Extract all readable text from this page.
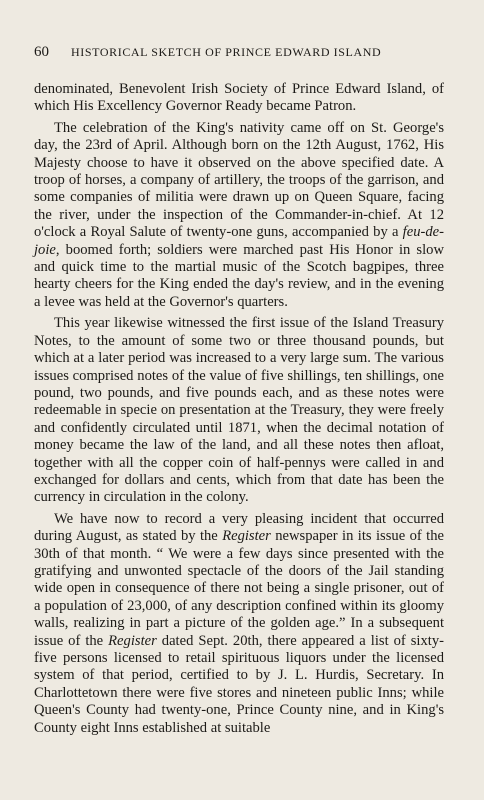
60 HISTORICAL SKETCH OF PRINCE EDWARD ISLAND

denominated, Benevolent Irish Society of Prince Edward Island, of which His Excellency Governor Ready became Patron.

The celebration of the King's nativity came off on St. George's day, the 23rd of April. Although born on the 12th August, 1762, His Majesty choose to have it observed on the above specified date. A troop of horses, a company of artillery, the troops of the garrison, and some companies of militia were drawn up on Queen Square, facing the river, under the inspection of the Commander-in-chief. At 12 o'clock a Royal Salute of twenty-one guns, accompanied by a feu-de-joie, boomed forth; soldiers were marched past His Honor in slow and quick time to the martial music of the Scotch bagpipes, three hearty cheers for the King ended the day's review, and in the evening a levee was held at the Governor's quarters.

This year likewise witnessed the first issue of the Island Treasury Notes, to the amount of some two or three thousand pounds, but which at a later period was increased to a very large sum. The various issues comprised notes of the value of five shillings, ten shillings, one pound, two pounds, and five pounds each, and as these notes were redeemable in specie on presentation at the Treasury, they were freely and confidently circulated until 1871, when the decimal notation of money became the law of the land, and all these notes then afloat, together with all the copper coin of half-pennys were called in and exchanged for dollars and cents, which from that date has been the currency in circulation in the colony.

We have now to record a very pleasing incident that occurred during August, as stated by the Register newspaper in its issue of the 30th of that month. “ We were a few days since presented with the gratifying and unwonted spectacle of the doors of the Jail standing wide open in consequence of there not being a single prisoner, out of a population of 23,000, of any description confined within its gloomy walls, realizing in part a picture of the golden age.” In a subsequent issue of the Register dated Sept. 20th, there appeared a list of sixty-five persons licensed to retail spirituous liquors under the licensed system of that period, certified to by J. L. Hurdis, Secretary. In Charlottetown there were five stores and nineteen public Inns; while Queen's County had twenty-one, Prince County nine, and in King's County eight Inns established at suitable
